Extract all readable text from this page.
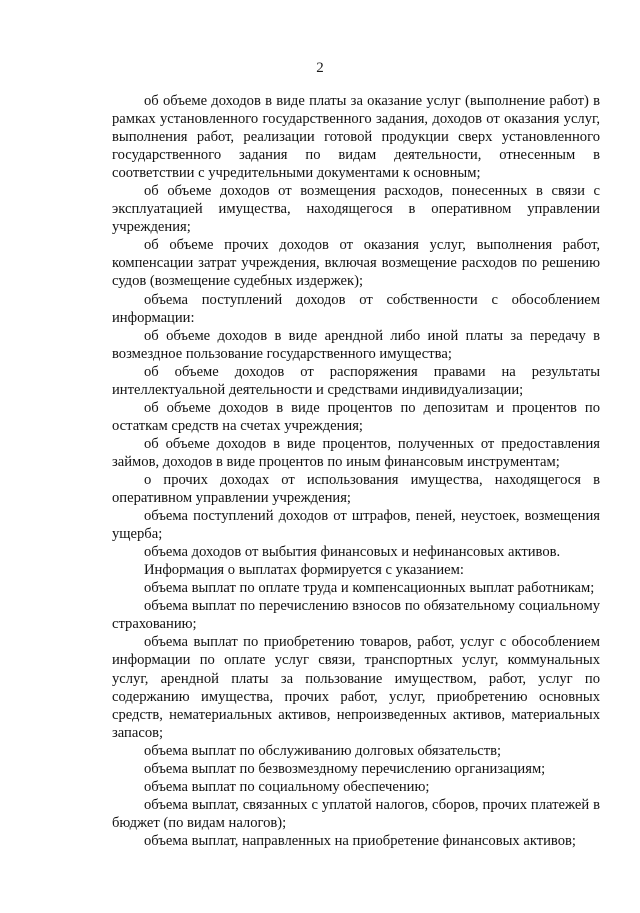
2

об объеме доходов в виде платы за оказание услуг (выполнение работ) в рамках установленного государственного задания, доходов от оказания услуг, выполнения работ, реализации готовой продукции сверх установленного государственного задания по видам деятельности, отнесенным в соответствии с учредительными документами к основным;

об объеме доходов от возмещения расходов, понесенных в связи с эксплуатацией имущества, находящегося в оперативном управлении учреждения;

об объеме прочих доходов от оказания услуг, выполнения работ, компенсации затрат учреждения, включая возмещение расходов по решению судов (возмещение судебных издержек);

объема поступлений доходов от собственности с обособлением информации:

об объеме доходов в виде арендной либо иной платы за передачу в возмездное пользование государственного имущества;

об объеме доходов от распоряжения правами на результаты интеллектуальной деятельности и средствами индивидуализации;

об объеме доходов в виде процентов по депозитам и процентов по остаткам средств на счетах учреждения;

об объеме доходов в виде процентов, полученных от предоставления займов, доходов в виде процентов по иным финансовым инструментам;

о прочих доходах от использования имущества, находящегося в оперативном управлении учреждения;

объема поступлений доходов от штрафов, пеней, неустоек, возмещения ущерба;

объема доходов от выбытия финансовых и нефинансовых активов.

Информация о выплатах формируется с указанием:

объема выплат по оплате труда и компенсационных выплат работникам;

объема выплат по перечислению взносов по обязательному социальному страхованию;

объема выплат по приобретению товаров, работ, услуг с обособлением информации по оплате услуг связи, транспортных услуг, коммунальных услуг, арендной платы за пользование имуществом, работ, услуг по содержанию имущества, прочих работ, услуг, приобретению основных средств, нематериальных активов, непроизведенных активов, материальных запасов;

объема выплат по обслуживанию долговых обязательств;

объема выплат по безвозмездному перечислению организациям;

объема выплат по социальному обеспечению;

объема выплат, связанных с уплатой налогов, сборов, прочих платежей в бюджет (по видам налогов);

объема выплат, направленных на приобретение финансовых активов;
